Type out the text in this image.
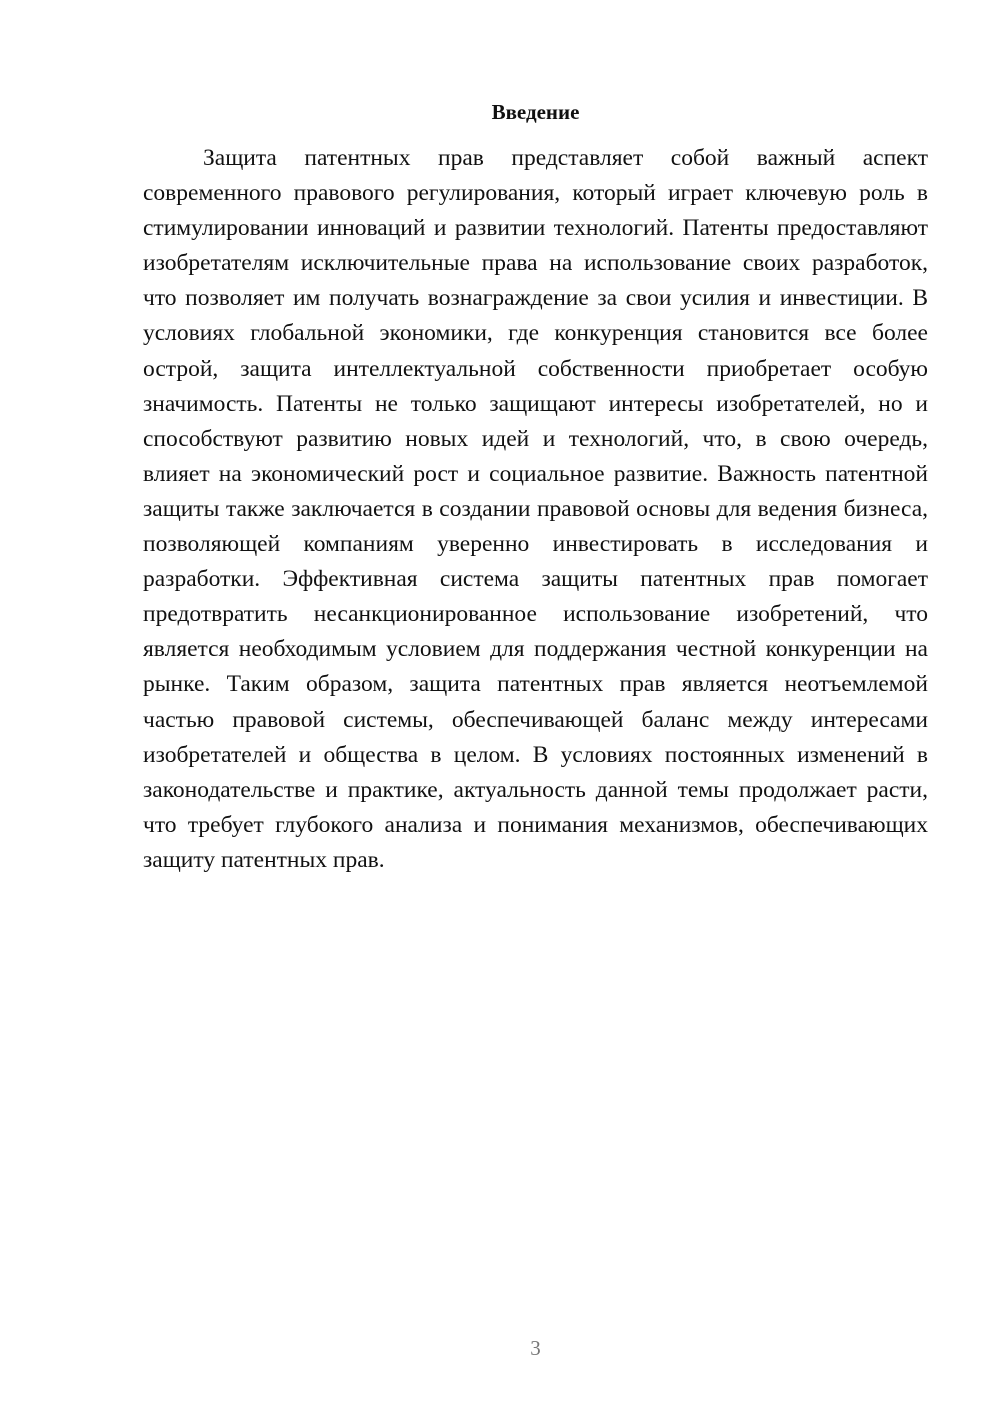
Введение

Защита патентных прав представляет собой важный аспект современного правового регулирования, который играет ключевую роль в стимулировании инноваций и развитии технологий. Патенты предоставляют изобретателям исключительные права на использование своих разработок, что позволяет им получать вознаграждение за свои усилия и инвестиции. В условиях глобальной экономики, где конкуренция становится все более острой, защита интеллектуальной собственности приобретает особую значимость. Патенты не только защищают интересы изобретателей, но и способствуют развитию новых идей и технологий, что, в свою очередь, влияет на экономический рост и социальное развитие. Важность патентной защиты также заключается в создании правовой основы для ведения бизнеса, позволяющей компаниям уверенно инвестировать в исследования и разработки. Эффективная система защиты патентных прав помогает предотвратить несанкционированное использование изобретений, что является необходимым условием для поддержания честной конкуренции на рынке. Таким образом, защита патентных прав является неотъемлемой частью правовой системы, обеспечивающей баланс между интересами изобретателей и общества в целом. В условиях постоянных изменений в законодательстве и практике, актуальность данной темы продолжает расти, что требует глубокого анализа и понимания механизмов, обеспечивающих защиту патентных прав.

3
